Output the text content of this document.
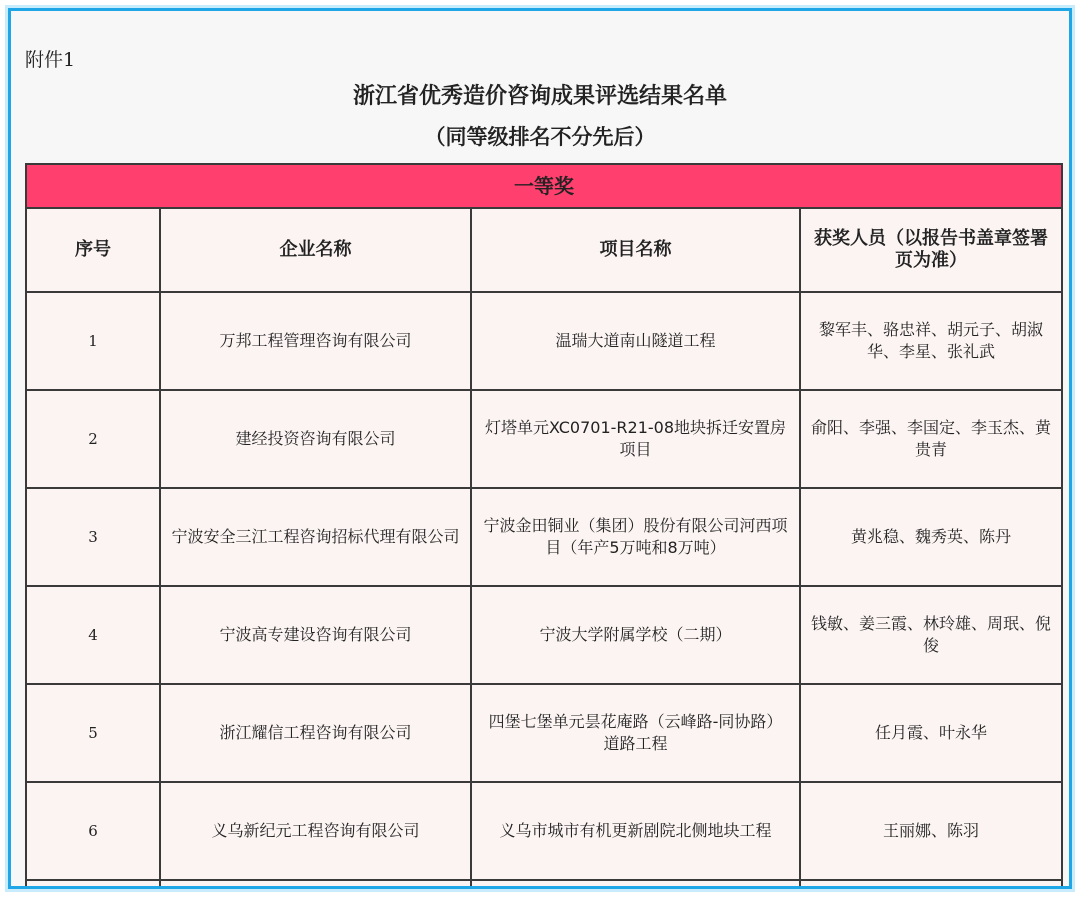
附件1
浙江省优秀造价咨询成果评选结果名单
（同等级排名不分先后）
一等奖			
序号	企业名称	项目名称	获奖人员（以报告书盖章签署页为准）
1	万邦工程管理咨询有限公司	温瑞大道南山隧道工程	黎军丰、骆忠祥、胡元子、胡淑华、李星、张礼武
2	建经投资咨询有限公司	灯塔单元XC0701-R21-08地块拆迁安置房项目	俞阳、李强、李国定、李玉杰、黄贵青
3	宁波安全三江工程咨询招标代理有限公司	宁波金田铜业（集团）股份有限公司河西项目（年产5万吨和8万吨）	黄兆稳、魏秀英、陈丹
4	宁波高专建设咨询有限公司	宁波大学附属学校（二期）	钱敏、姜三霞、林玲雄、周珉、倪俊
5	浙江耀信工程咨询有限公司	四堡七堡单元昙花庵路（云峰路-同协路）道路工程	任月霞、叶永华
6	义乌新纪元工程咨询有限公司	义乌市城市有机更新剧院北侧地块工程	王丽娜、陈羽
